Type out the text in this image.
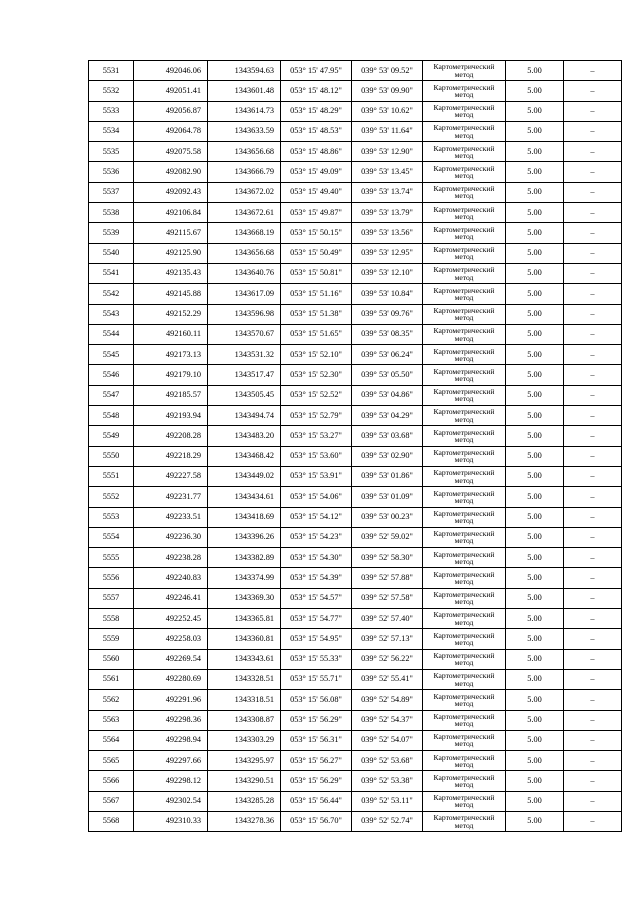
5531	492046.06	1343594.63	053° 15' 47.95"	039° 53' 09.52"	Картометрический
метод	5.00	–
5532	492051.41	1343601.48	053° 15' 48.12"	039° 53' 09.90"	Картометрический
метод	5.00	–
5533	492056.87	1343614.73	053° 15' 48.29"	039° 53' 10.62"	Картометрический
метод	5.00	–
5534	492064.78	1343633.59	053° 15' 48.53"	039° 53' 11.64"	Картометрический
метод	5.00	–
5535	492075.58	1343656.68	053° 15' 48.86"	039° 53' 12.90"	Картометрический
метод	5.00	–
5536	492082.90	1343666.79	053° 15' 49.09"	039° 53' 13.45"	Картометрический
метод	5.00	–
5537	492092.43	1343672.02	053° 15' 49.40"	039° 53' 13.74"	Картометрический
метод	5.00	–
5538	492106.84	1343672.61	053° 15' 49.87"	039° 53' 13.79"	Картометрический
метод	5.00	–
5539	492115.67	1343668.19	053° 15' 50.15"	039° 53' 13.56"	Картометрический
метод	5.00	–
5540	492125.90	1343656.68	053° 15' 50.49"	039° 53' 12.95"	Картометрический
метод	5.00	–
5541	492135.43	1343640.76	053° 15' 50.81"	039° 53' 12.10"	Картометрический
метод	5.00	–
5542	492145.88	1343617.09	053° 15' 51.16"	039° 53' 10.84"	Картометрический
метод	5.00	–
5543	492152.29	1343596.98	053° 15' 51.38"	039° 53' 09.76"	Картометрический
метод	5.00	–
5544	492160.11	1343570.67	053° 15' 51.65"	039° 53' 08.35"	Картометрический
метод	5.00	–
5545	492173.13	1343531.32	053° 15' 52.10"	039° 53' 06.24"	Картометрический
метод	5.00	–
5546	492179.10	1343517.47	053° 15' 52.30"	039° 53' 05.50"	Картометрический
метод	5.00	–
5547	492185.57	1343505.45	053° 15' 52.52"	039° 53' 04.86"	Картометрический
метод	5.00	–
5548	492193.94	1343494.74	053° 15' 52.79"	039° 53' 04.29"	Картометрический
метод	5.00	–
5549	492208.28	1343483.20	053° 15' 53.27"	039° 53' 03.68"	Картометрический
метод	5.00	–
5550	492218.29	1343468.42	053° 15' 53.60"	039° 53' 02.90"	Картометрический
метод	5.00	–
5551	492227.58	1343449.02	053° 15' 53.91"	039° 53' 01.86"	Картометрический
метод	5.00	–
5552	492231.77	1343434.61	053° 15' 54.06"	039° 53' 01.09"	Картометрический
метод	5.00	–
5553	492233.51	1343418.69	053° 15' 54.12"	039° 53' 00.23"	Картометрический
метод	5.00	–
5554	492236.30	1343396.26	053° 15' 54.23"	039° 52' 59.02"	Картометрический
метод	5.00	–
5555	492238.28	1343382.89	053° 15' 54.30"	039° 52' 58.30"	Картометрический
метод	5.00	–
5556	492240.83	1343374.99	053° 15' 54.39"	039° 52' 57.88"	Картометрический
метод	5.00	–
5557	492246.41	1343369.30	053° 15' 54.57"	039° 52' 57.58"	Картометрический
метод	5.00	–
5558	492252.45	1343365.81	053° 15' 54.77"	039° 52' 57.40"	Картометрический
метод	5.00	–
5559	492258.03	1343360.81	053° 15' 54.95"	039° 52' 57.13"	Картометрический
метод	5.00	–
5560	492269.54	1343343.61	053° 15' 55.33"	039° 52' 56.22"	Картометрический
метод	5.00	–
5561	492280.69	1343328.51	053° 15' 55.71"	039° 52' 55.41"	Картометрический
метод	5.00	–
5562	492291.96	1343318.51	053° 15' 56.08"	039° 52' 54.89"	Картометрический
метод	5.00	–
5563	492298.36	1343308.87	053° 15' 56.29"	039° 52' 54.37"	Картометрический
метод	5.00	–
5564	492298.94	1343303.29	053° 15' 56.31"	039° 52' 54.07"	Картометрический
метод	5.00	–
5565	492297.66	1343295.97	053° 15' 56.27"	039° 52' 53.68"	Картометрический
метод	5.00	–
5566	492298.12	1343290.51	053° 15' 56.29"	039° 52' 53.38"	Картометрический
метод	5.00	–
5567	492302.54	1343285.28	053° 15' 56.44"	039° 52' 53.11"	Картометрический
метод	5.00	–
5568	492310.33	1343278.36	053° 15' 56.70"	039° 52' 52.74"	Картометрический
метод	5.00	–
